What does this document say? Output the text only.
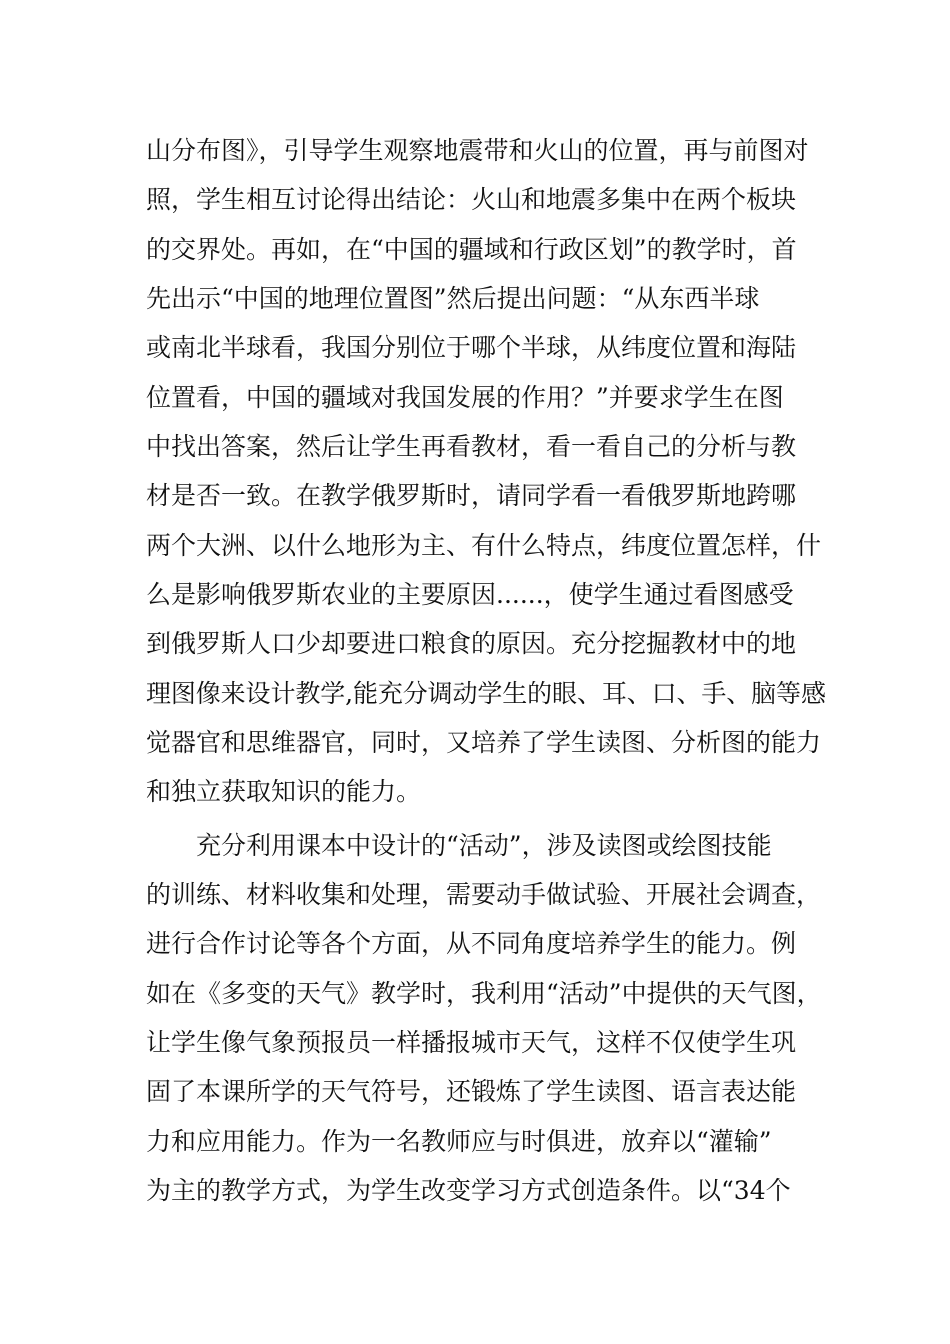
山分布图》，引导学生观察地震带和火山的位置，再与前图对
照，学生相互讨论得出结论：火山和地震多集中在两个板块
的交界处。再如，在“中国的疆域和行政区划”的教学时，首
先出示“中国的地理位置图”然后提出问题：“从东西半球
或南北半球看，我国分别位于哪个半球，从纬度位置和海陆
位置看，中国的疆域对我国发展的作用？”并要求学生在图
中找出答案，然后让学生再看教材，看一看自己的分析与教
材是否一致。在教学俄罗斯时，请同学看一看俄罗斯地跨哪
两个大洲、以什么地形为主、有什么特点，纬度位置怎样，什
么是影响俄罗斯农业的主要原因......，使学生通过看图感受
到俄罗斯人口少却要进口粮食的原因。充分挖掘教材中的地
理图像来设计教学,能充分调动学生的眼、耳、口、手、脑等感
觉器官和思维器官，同时，又培养了学生读图、分析图的能力
和独立获取知识的能力。
充分利用课本中设计的“活动”，涉及读图或绘图技能
的训练、材料收集和处理，需要动手做试验、开展社会调查，
进行合作讨论等各个方面，从不同角度培养学生的能力。例
如在《多变的天气》教学时，我利用“活动”中提供的天气图，
让学生像气象预报员一样播报城市天气，这样不仅使学生巩
固了本课所学的天气符号，还锻炼了学生读图、语言表达能
力和应用能力。作为一名教师应与时俱进，放弃以“灌输”
为主的教学方式，为学生改变学习方式创造条件。以“34个
